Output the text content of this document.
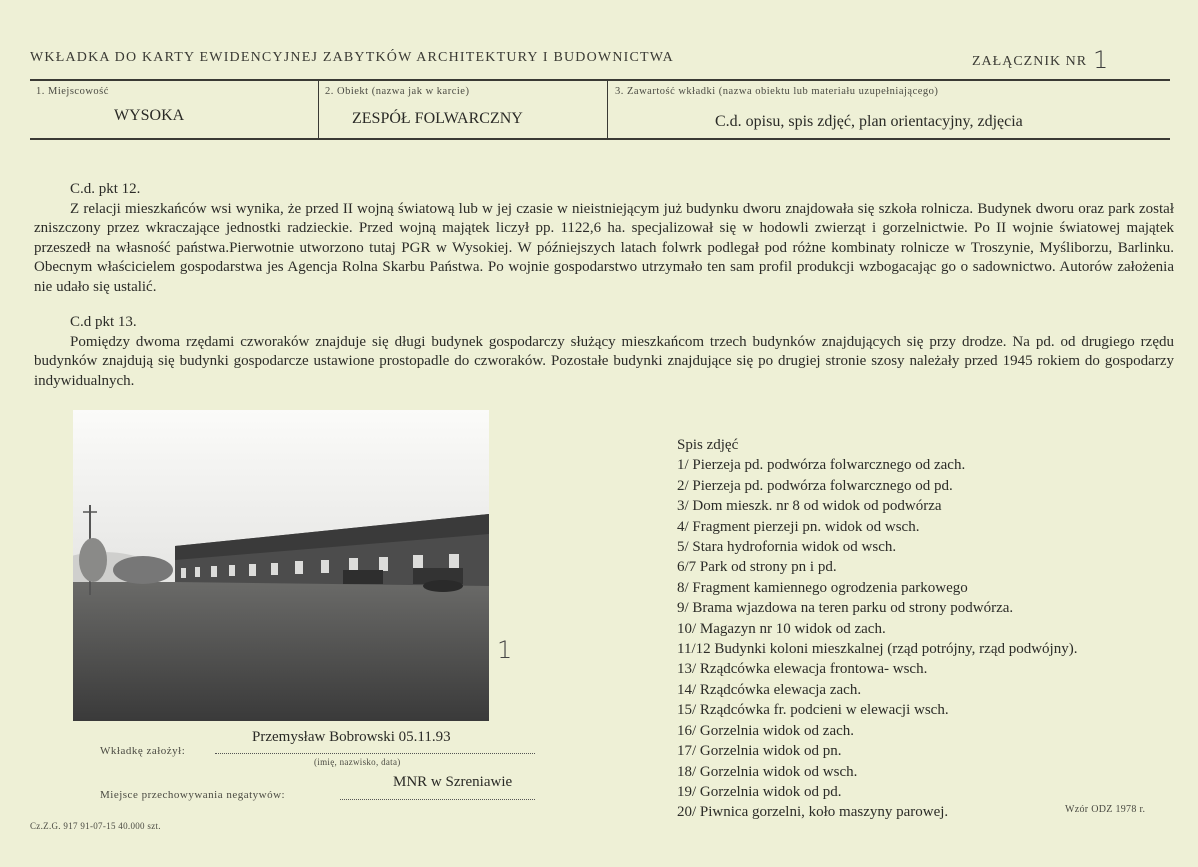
WKŁADKA DO KARTY EWIDENCYJNEJ ZABYTKÓW ARCHITEKTURY I BUDOWNICTWA	ZAŁĄCZNIK NR 1
1. Miejscowość
WYSOKA
2. Obiekt (nazwa jak w karcie)
ZESPÓŁ FOLWARCZNY
3. Zawartość wkładki (nazwa obiektu lub materiału uzupełniającego)
C.d. opisu, spis zdjęć, plan orientacyjny, zdjęcia

C.d. pkt 12.

Z relacji mieszkańców wsi wynika, że przed II wojną światową lub w jej czasie w nieistniejącym już budynku dworu znajdowała się szkoła rolnicza. Budynek dworu oraz park został zniszczony przez wkraczające jednostki radzieckie. Przed wojną majątek liczył pp. 1122,6 ha. specjalizował się w hodowli zwierząt i gorzelnictwie. Po II wojnie światowej majątek przeszedł na własność państwa.Pierwotnie utworzono tutaj PGR w Wysokiej. W późniejszych latach folwrk podlegał pod różne kombinaty rolnicze w Troszynie, Myśliborzu, Barlinku. Obecnym właścicielem gospodarstwa jes Agencja Rolna Skarbu Państwa. Po wojnie gospodarstwo utrzymało ten sam profil produkcji wzbogacając go o sadownictwo. Autorów założenia nie udało się ustalić.

C.d pkt 13.

Pomiędzy dwoma rzędami czworaków znajduje się długi budynek gospodarczy służący mieszkańcom trzech budynków znajdujących się przy drodze. Na pd. od drugiego rzędu budynków znajdują się budynki gospodarcze ustawione prostopadle do czworaków. Pozostałe budynki znajdujące się po drugiej stronie szosy należały przed 1945 rokiem do gospodarzy indywidualnych.

1
Spis zdjęć
1/ Pierzeja pd. podwórza folwarcznego od zach.
2/ Pierzeja pd. podwórza folwarcznego od pd.
3/ Dom mieszk. nr 8 od widok od podwórza
4/ Fragment pierzeji pn. widok od wsch.
5/ Stara hydrofornia widok od wsch.
6/7 Park od strony pn i pd.
8/ Fragment kamiennego ogrodzenia parkowego
9/ Brama wjazdowa na teren parku od strony podwórza.
10/ Magazyn nr 10 widok od zach.
11/12 Budynki koloni mieszkalnej (rząd potrójny, rząd podwójny).
13/ Rządcówka elewacja frontowa- wsch.
14/ Rządcówka elewacja zach.
15/ Rządcówka fr. podcieni w elewacji wsch.
16/ Gorzelnia widok od zach.
17/ Gorzelnia widok od pn.
18/ Gorzelnia widok od wsch.
19/ Gorzelnia widok od pd.
20/ Piwnica gorzelni, koło maszyny parowej.
Przemysław Bobrowski 05.11.93
Wkładkę założył:
(imię, nazwisko, data)
MNR w Szreniawie
Miejsce przechowywania negatywów:
Cz.Z.G. 917 91-07-15 40.000 szt.
Wzór ODZ 1978 r.
